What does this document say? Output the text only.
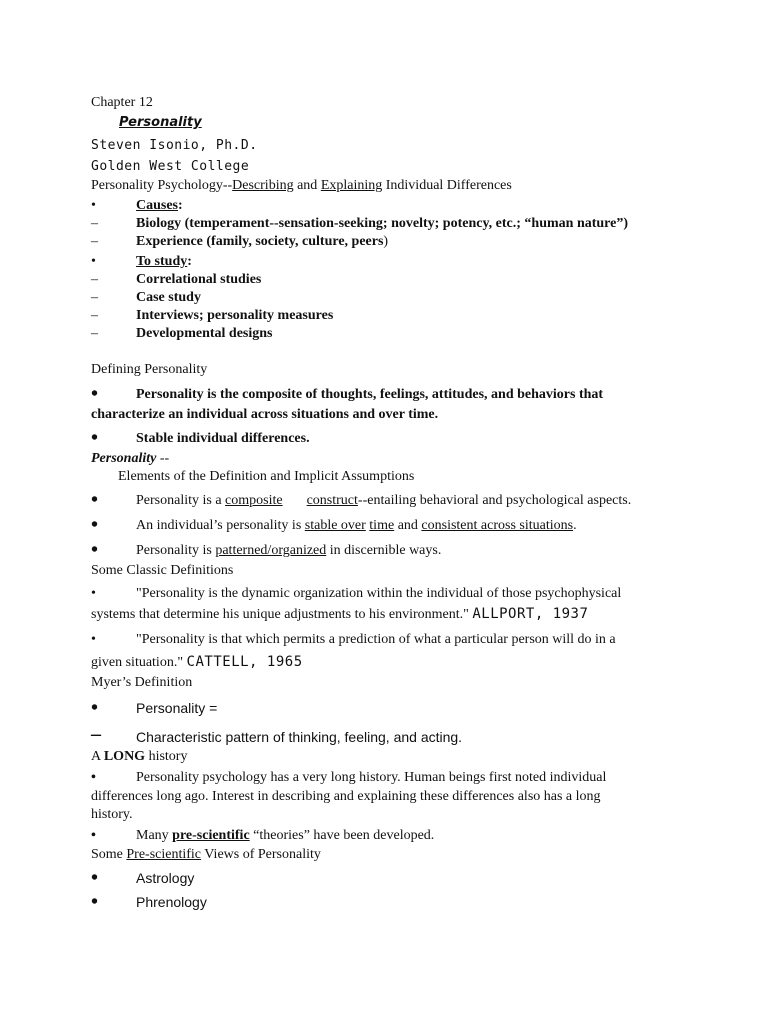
Chapter 12
Personality
Steven Isonio, Ph.D.
Golden West College
Personality Psychology--Describing and Explaining Individual Differences
•	Causes:
–	Biology (temperament--sensation-seeking; novelty; potency, etc.; “human nature”)
–	Experience (family, society, culture, peers)
•	To study:
–	Correlational studies
–	Case study
–	Interviews; personality measures
–	Developmental designs
Defining Personality
•	Personality is the composite of thoughts, feelings, attitudes, and behaviors that
characterize an individual across situations and over time.
•	Stable individual differences.
Personality --
Elements of the Definition and Implicit Assumptions
•	Personality is a composite construct--entailing behavioral and psychological aspects.
•	An individual’s personality is stable over time and consistent across situations.
•	Personality is patterned/organized in discernible ways.
Some Classic Definitions
•	"Personality is the dynamic organization within the individual of those psychophysical
systems that determine his unique adjustments to his environment." ALLPORT, 1937
•	"Personality is that which permits a prediction of what a particular person will do in a
given situation." CATTELL, 1965
Myer’s Definition
•	Personality =
–	Characteristic pattern of thinking, feeling, and acting.
A LONG history
•	Personality psychology has a very long history. Human beings first noted individual
differences long ago. Interest in describing and explaining these differences also has a long
history.
•	Many pre-scientific “theories” have been developed.
Some Pre-scientific Views of Personality
•	Astrology
•	Phrenology
